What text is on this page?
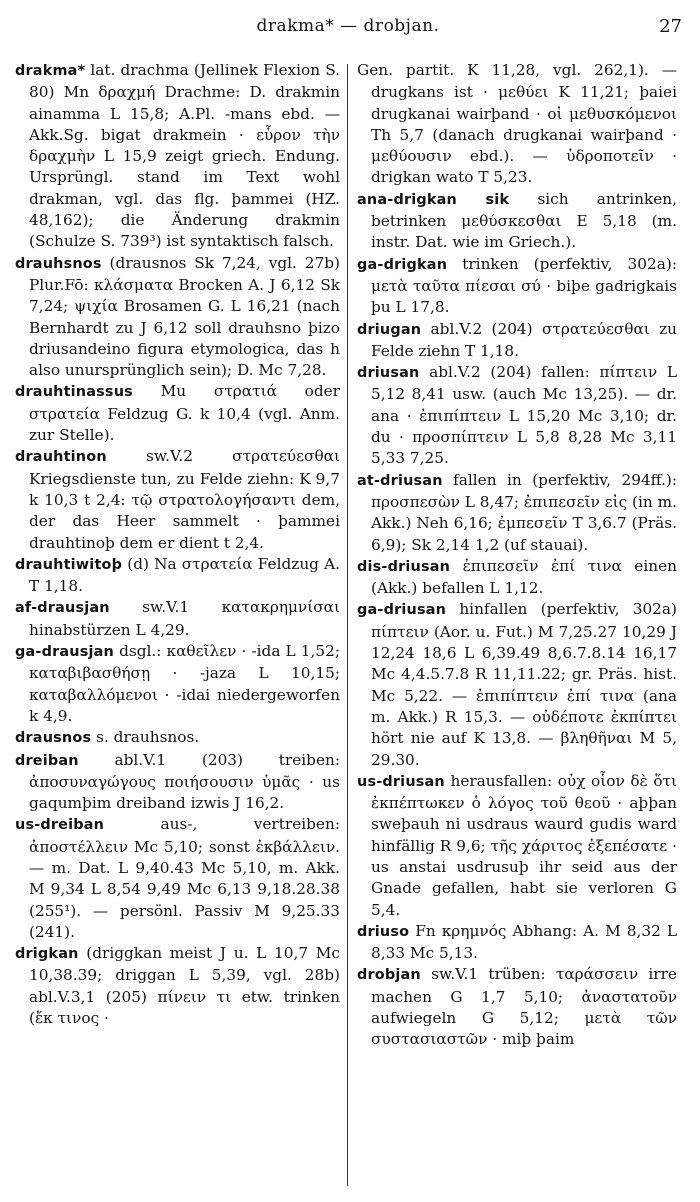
drakma* — drobjan.	27

drakma* lat. drachma (Jellinek Flexion S. 80) Mn δραχμή Drachme: D. drakmin ainamma L 15,8; A.Pl. -mans ebd. — Akk.Sg. bigat drakmein · εὗρον τὴν δραχμὴν L 15,9 zeigt griech. Endung. Ursprüngl. stand im Text wohl drakman, vgl. das flg. þammei (HZ. 48,162); die Änderung drakmin (Schulze S. 739³) ist syntaktisch falsch.

drauhsnos (drausnos Sk 7,24, vgl. 27b) Plur.Fō: κλάσματα Brocken A. J 6,12 Sk 7,24; ψιχία Brosamen G. L 16,21 (nach Bernhardt zu J 6,12 soll drauhsno þizo driusandeino figura etymologica, das h also unursprünglich sein); D. Mc 7,28.

drauhtinassus Mu στρατιά oder στρατεία Feldzug G. k 10,4 (vgl. Anm. zur Stelle).

drauhtinon sw.V.2 στρατεύεσθαι Kriegsdienste tun, zu Felde ziehn: K 9,7 k 10,3 t 2,4: τῷ στρατολογήσαντι dem, der das Heer sammelt · þammei drauhtinoþ dem er dient t 2,4.

drauhtiwitoþ (d) Na στρατεία Feldzug A. T 1,18.

af-drausjan sw.V.1 κατακρημνίσαι hinabstürzen L 4,29.

ga-drausjan dsgl.: καθεῖλεν · -ida L 1,52; καταβιβασθήσῃ · -jaza L 10,15; καταβαλλόμενοι · -idai niedergeworfen k 4,9.

drausnos s. drauhsnos.

dreiban abl.V.1 (203) treiben: ἀποσυναγώγους ποιήσουσιν ὑμᾶς · us gaqumþim dreiband izwis J 16,2.

us-dreiban aus-, vertreiben: ἀποστέλλειν Mc 5,10; sonst ἐκβάλλειν. — m. Dat. L 9,40.43 Mc 5,10, m. Akk. M 9,34 L 8,54 9,49 Mc 6,13 9,18.28.38 (255¹). — persönl. Passiv M 9,25.33 (241).

drigkan (driggkan meist J u. L 10,7 Mc 10,38.39; driggan L 5,39, vgl. 28b) abl.V.3,1 (205) πίνειν τι etw. trinken (ἔκ τινος ·

Gen. partit. K 11,28, vgl. 262,1). — drugkans ist · μεθύει K 11,21; þaiei drugkanai wairþand · οἱ μεθυσκόμενοι Th 5,7 (danach drugkanai wairþand · μεθύουσιν ebd.). — ὑδροποτεῖν · drigkan wato T 5,23.

ana-drigkan sik sich antrinken, betrinken μεθύσκεσθαι E 5,18 (m. instr. Dat. wie im Griech.).

ga-drigkan trinken (perfektiv, 302a): μετὰ ταῦτα πίεσαι σύ · biþe gadrigkais þu L 17,8.

driugan abl.V.2 (204) στρατεύεσθαι zu Felde ziehn T 1,18.

driusan abl.V.2 (204) fallen: πίπτειν L 5,12 8,41 usw. (auch Mc 13,25). — dr. ana · ἐπιπίπτειν L 15,20 Mc 3,10; dr. du · προσπίπτειν L 5,8 8,28 Mc 3,11 5,33 7,25.

at-driusan fallen in (perfektiv, 294ff.): προσπεσὼν L 8,47; ἐπιπεσεῖν εἰς (in m. Akk.) Neh 6,16; ἐμπεσεῖν T 3,6.7 (Präs. 6,9); Sk 2,14 1,2 (uf stauai).

dis-driusan ἐπιπεσεῖν ἐπί τινα einen (Akk.) befallen L 1,12.

ga-driusan hinfallen (perfektiv, 302a) πίπτειν (Aor. u. Fut.) M 7,25.27 10,29 J 12,24 18,6 L 6,39.49 8,6.7.8.14 16,17 Mc 4,4.5.7.8 R 11,11.22; gr. Präs. hist. Mc 5,22. — ἐπιπίπτειν ἐπί τινα (ana m. Akk.) R 15,3. — οὐδέποτε ἐκπίπτει hört nie auf K 13,8. — βληθῆναι M 5, 29.30.

us-driusan herausfallen: οὐχ οἷον δὲ ὅτι ἐκπέπτωκεν ὁ λόγος τοῦ θεοῦ · aþþan sweþauh ni usdraus waurd gudis ward hinfällig R 9,6; τῆς χάριτος ἐξεπέσατε · us anstai usdrusuþ ihr seid aus der Gnade gefallen, habt sie verloren G 5,4.

driuso Fn κρημνός Abhang: A. M 8,32 L 8,33 Mc 5,13.

drobjan sw.V.1 trüben: ταράσσειν irre machen G 1,7 5,10; ἀναστατοῦν aufwiegeln G 5,12; μετὰ τῶν συστασιαστῶν · miþ þaim
